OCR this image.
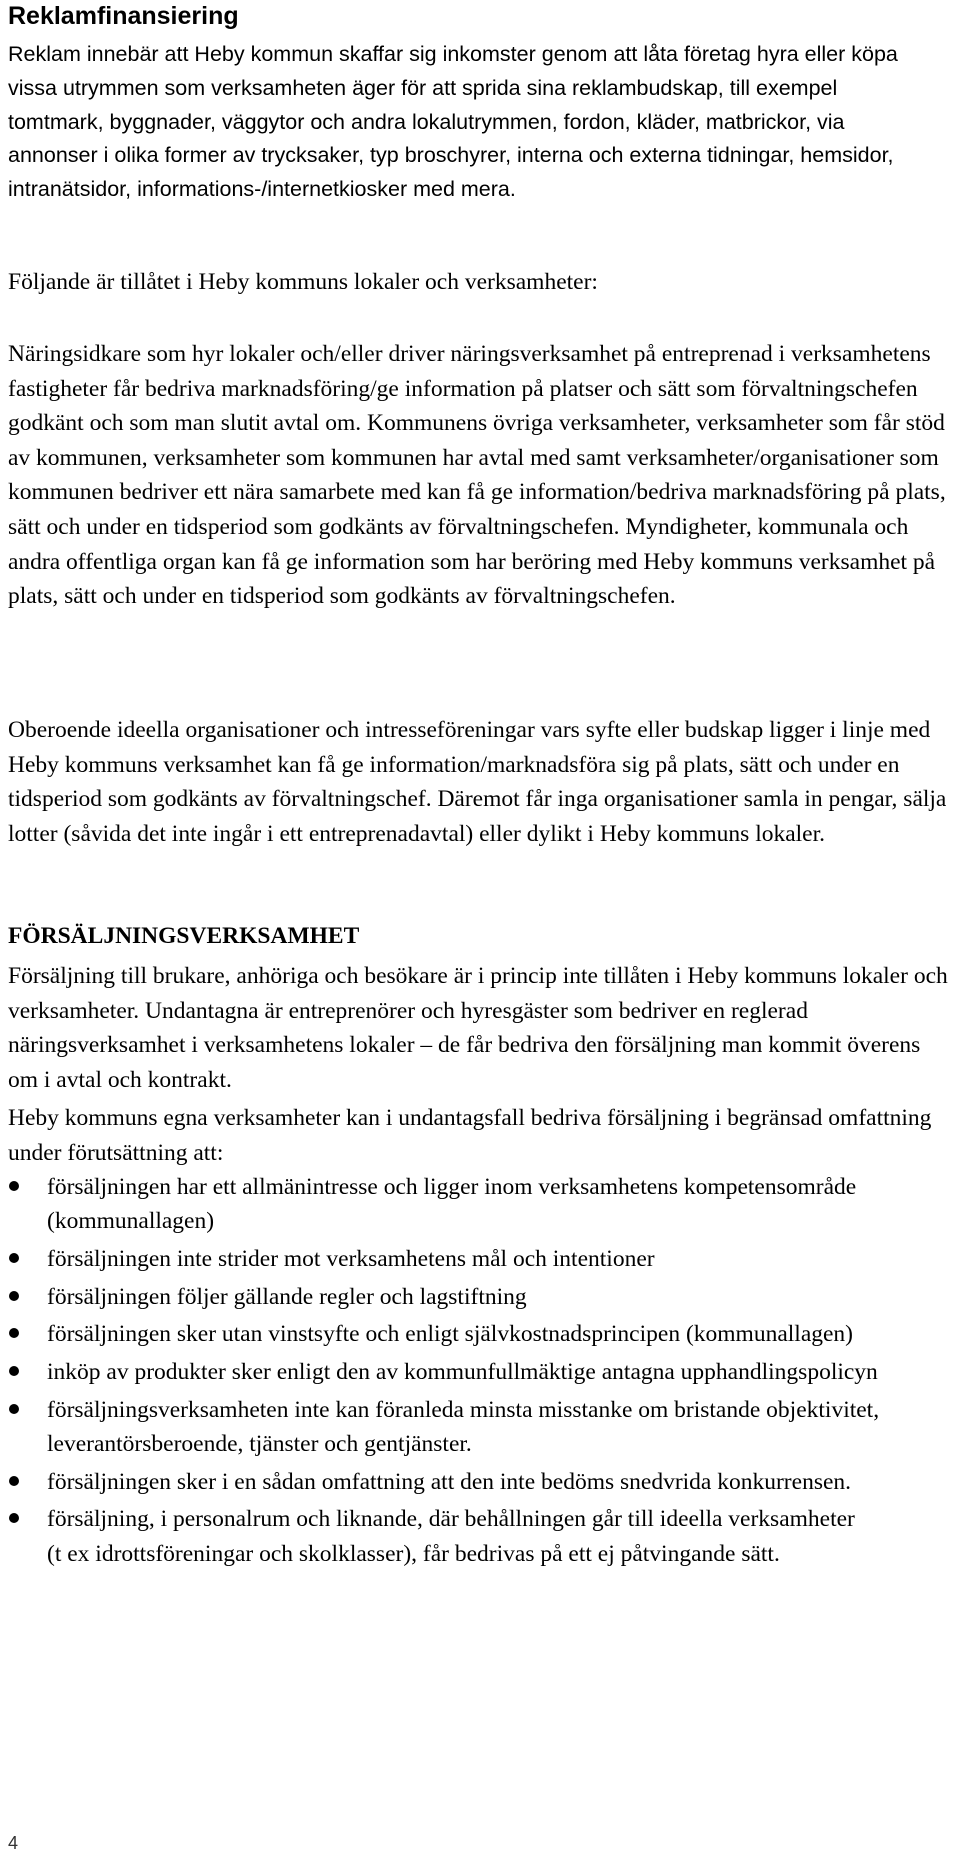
Reklamfinansiering

Reklam innebär att Heby kommun skaffar sig inkomster genom att låta företag hyra eller köpa vissa utrymmen som verksamheten äger för att sprida sina reklambudskap, till exempel tomtmark, byggnader, väggytor och andra lokalutrymmen, fordon, kläder, matbrickor, via annonser i olika former av trycksaker, typ broschyrer, interna och externa tidningar, hemsidor, intranätsidor, informations-/internetkiosker med mera.

Följande är tillåtet i Heby kommuns lokaler och verksamheter:

Näringsidkare som hyr lokaler och/eller driver näringsverksamhet på entreprenad i verksamhetens fastigheter får bedriva marknadsföring/ge information på platser och sätt som förvaltningschefen godkänt och som man slutit avtal om. Kommunens övriga verksamheter, verksamheter som får stöd av kommunen, verksamheter som kommunen har avtal med samt verksamheter/organisationer som kommunen bedriver ett nära samarbete med kan få ge information/bedriva marknadsföring på plats, sätt och under en tidsperiod som godkänts av förvaltningschefen. Myndigheter, kommunala och andra offentliga organ kan få ge information som har beröring med Heby kommuns verksamhet på plats, sätt och under en tidsperiod som godkänts av förvaltningschefen.

Oberoende ideella organisationer och intresseföreningar vars syfte eller budskap ligger i linje med Heby kommuns verksamhet kan få ge information/marknadsföra sig på plats, sätt och under en tidsperiod som godkänts av förvaltningschef. Däremot får inga organisationer samla in pengar, sälja lotter (såvida det inte ingår i ett entreprenadavtal) eller dylikt i Heby kommuns lokaler.

FÖRSÄLJNINGSVERKSAMHET

Försäljning till brukare, anhöriga och besökare är i princip inte tillåten i Heby kommuns lokaler och verksamheter. Undantagna är entreprenörer och hyresgäster som bedriver en reglerad näringsverksamhet i verksamhetens lokaler – de får bedriva den försäljning man kommit överens om i avtal och kontrakt.

Heby kommuns egna verksamheter kan i undantagsfall bedriva försäljning i begränsad omfattning under förutsättning att:

försäljningen har ett allmänintresse och ligger inom verksamhetens kompetensområde (kommunallagen)
försäljningen inte strider mot verksamhetens mål och intentioner
försäljningen följer gällande regler och lagstiftning
försäljningen sker utan vinstsyfte och enligt självkostnadsprincipen (kommunallagen)
inköp av produkter sker enligt den av kommunfullmäktige antagna upphandlingspolicyn
försäljningsverksamheten inte kan föranleda minsta misstanke om bristande objektivitet, leverantörsberoende, tjänster och gentjänster.
försäljningen sker i en sådan omfattning att den inte bedöms snedvrida konkurrensen.
försäljning, i personalrum och liknande, där behållningen går till ideella verksamheter
(t ex idrottsföreningar och skolklasser), får bedrivas på ett ej påtvingande sätt.
4
